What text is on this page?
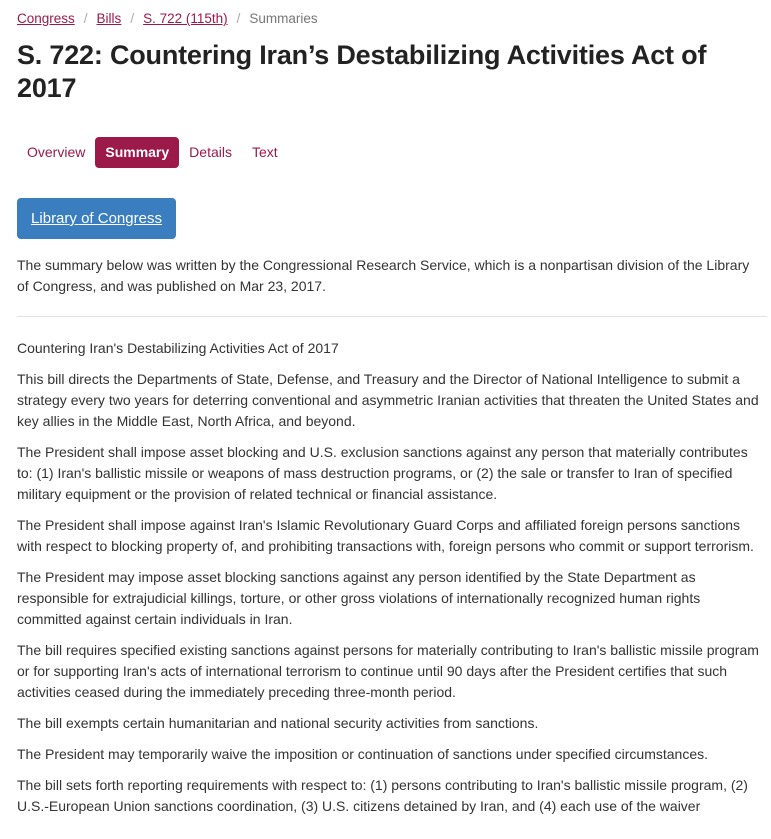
Congress / Bills / S. 722 (115th) / Summaries
S. 722: Countering Iran’s Destabilizing Activities Act of 2017
Overview	Summary	Details	Text
Library of Congress

The summary below was written by the Congressional Research Service, which is a nonpartisan division of the Library of Congress, and was published on Mar 23, 2017.

Countering Iran's Destabilizing Activities Act of 2017

This bill directs the Departments of State, Defense, and Treasury and the Director of National Intelligence to submit a strategy every two years for deterring conventional and asymmetric Iranian activities that threaten the United States and key allies in the Middle East, North Africa, and beyond.

The President shall impose asset blocking and U.S. exclusion sanctions against any person that materially contributes to: (1) Iran's ballistic missile or weapons of mass destruction programs, or (2) the sale or transfer to Iran of specified military equipment or the provision of related technical or financial assistance.

The President shall impose against Iran's Islamic Revolutionary Guard Corps and affiliated foreign persons sanctions with respect to blocking property of, and prohibiting transactions with, foreign persons who commit or support terrorism.

The President may impose asset blocking sanctions against any person identified by the State Department as responsible for extrajudicial killings, torture, or other gross violations of internationally recognized human rights committed against certain individuals in Iran.

The bill requires specified existing sanctions against persons for materially contributing to Iran's ballistic missile program or for supporting Iran's acts of international terrorism to continue until 90 days after the President certifies that such activities ceased during the immediately preceding three-month period.

The bill exempts certain humanitarian and national security activities from sanctions.

The President may temporarily waive the imposition or continuation of sanctions under specified circumstances.

The bill sets forth reporting requirements with respect to: (1) persons contributing to Iran's ballistic missile program, (2) U.S.-European Union sanctions coordination, (3) U.S. citizens detained by Iran, and (4) each use of the waiver
